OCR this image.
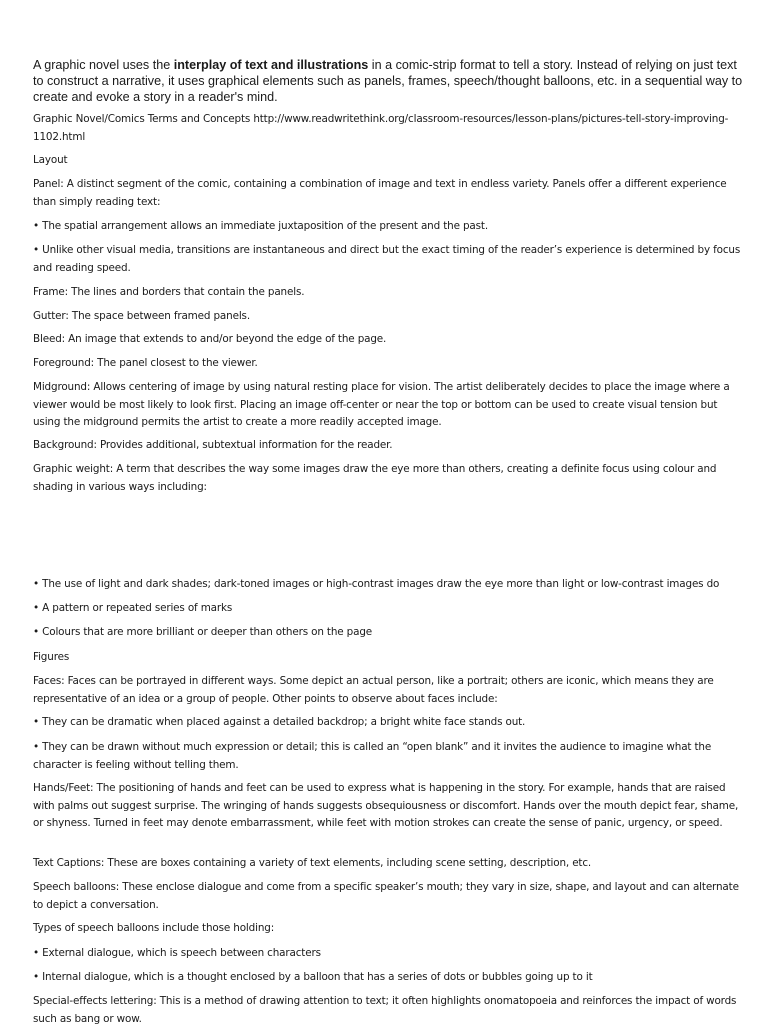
A graphic novel uses the interplay of text and illustrations in a comic-strip format to tell a story. Instead of relying on just text to construct a narrative, it uses graphical elements such as panels, frames, speech/thought balloons, etc. in a sequential way to create and evoke a story in a reader's mind.

Graphic Novel/Comics Terms and Concepts http://www.readwritethink.org/classroom-resources/lesson-plans/pictures-tell-story-improving-1102.html

Layout

Panel: A distinct segment of the comic, containing a combination of image and text in endless variety. Panels offer a different experience than simply reading text:

• The spatial arrangement allows an immediate juxtaposition of the present and the past.

• Unlike other visual media, transitions are instantaneous and direct but the exact timing of the reader’s experience is determined by focus and reading speed.

Frame: The lines and borders that contain the panels.

Gutter: The space between framed panels.

Bleed: An image that extends to and/or beyond the edge of the page.

Foreground: The panel closest to the viewer.

Midground: Allows centering of image by using natural resting place for vision. The artist deliberately decides to place the image where a viewer would be most likely to look first. Placing an image off-center or near the top or bottom can be used to create visual tension but using the midground permits the artist to create a more readily accepted image.

Background: Provides additional, subtextual information for the reader.

Graphic weight: A term that describes the way some images draw the eye more than others, creating a definite focus using colour and shading in various ways including:

• The use of light and dark shades; dark-toned images or high-contrast images draw the eye more than light or low-contrast images do

• A pattern or repeated series of marks

• Colours that are more brilliant or deeper than others on the page

Figures

Faces: Faces can be portrayed in different ways. Some depict an actual person, like a portrait; others are iconic, which means they are representative of an idea or a group of people. Other points to observe about faces include:

• They can be dramatic when placed against a detailed backdrop; a bright white face stands out.

• They can be drawn without much expression or detail; this is called an “open blank” and it invites the audience to imagine what the character is feeling without telling them.

Hands/Feet: The positioning of hands and feet can be used to express what is happening in the story. For example, hands that are raised with palms out suggest surprise. The wringing of hands suggests obsequiousness or discomfort. Hands over the mouth depict fear, shame, or shyness. Turned in feet may denote embarrassment, while feet with motion strokes can create the sense of panic, urgency, or speed.

Text Captions: These are boxes containing a variety of text elements, including scene setting, description, etc.

Speech balloons: These enclose dialogue and come from a specific speaker’s mouth; they vary in size, shape, and layout and can alternate to depict a conversation.

Types of speech balloons include those holding:

• External dialogue, which is speech between characters

• Internal dialogue, which is a thought enclosed by a balloon that has a series of dots or bubbles going up to it

Special-effects lettering: This is a method of drawing attention to text; it often highlights onomatopoeia and reinforces the impact of words such as bang or wow.
